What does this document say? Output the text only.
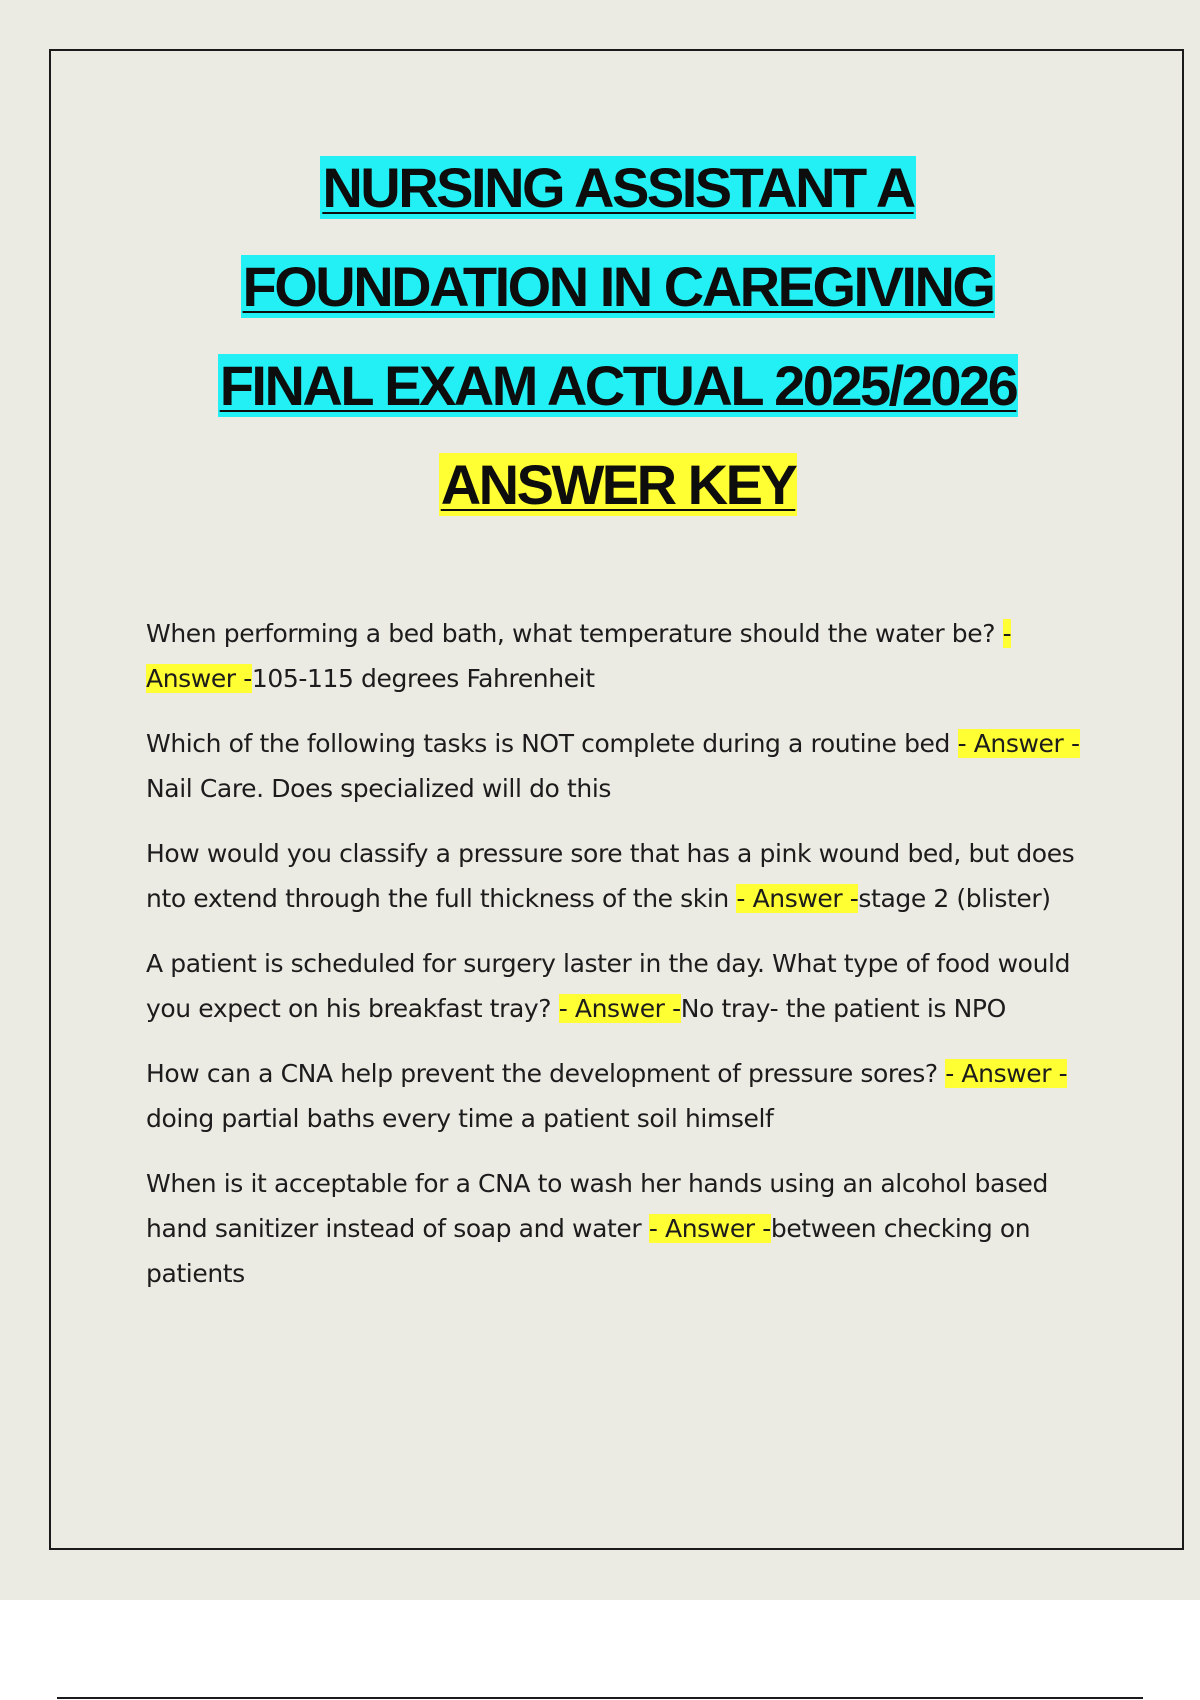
NURSING ASSISTANT A
FOUNDATION IN CAREGIVING
FINAL EXAM ACTUAL 2025/2026
ANSWER KEY

When performing a bed bath, what temperature should the water be? - Answer -105-115 degrees Fahrenheit

Which of the following tasks is NOT complete during a routine bed - Answer -Nail Care. Does specialized will do this

How would you classify a pressure sore that has a pink wound bed, but does nto extend through the full thickness of the skin - Answer -stage 2 (blister)

A patient is scheduled for surgery laster in the day. What type of food would you expect on his breakfast tray? - Answer -No tray- the patient is NPO

How can a CNA help prevent the development of pressure sores? - Answer -doing partial baths every time a patient soil himself

When is it acceptable for a CNA to wash her hands using an alcohol based hand sanitizer instead of soap and water - Answer -between checking on patients
